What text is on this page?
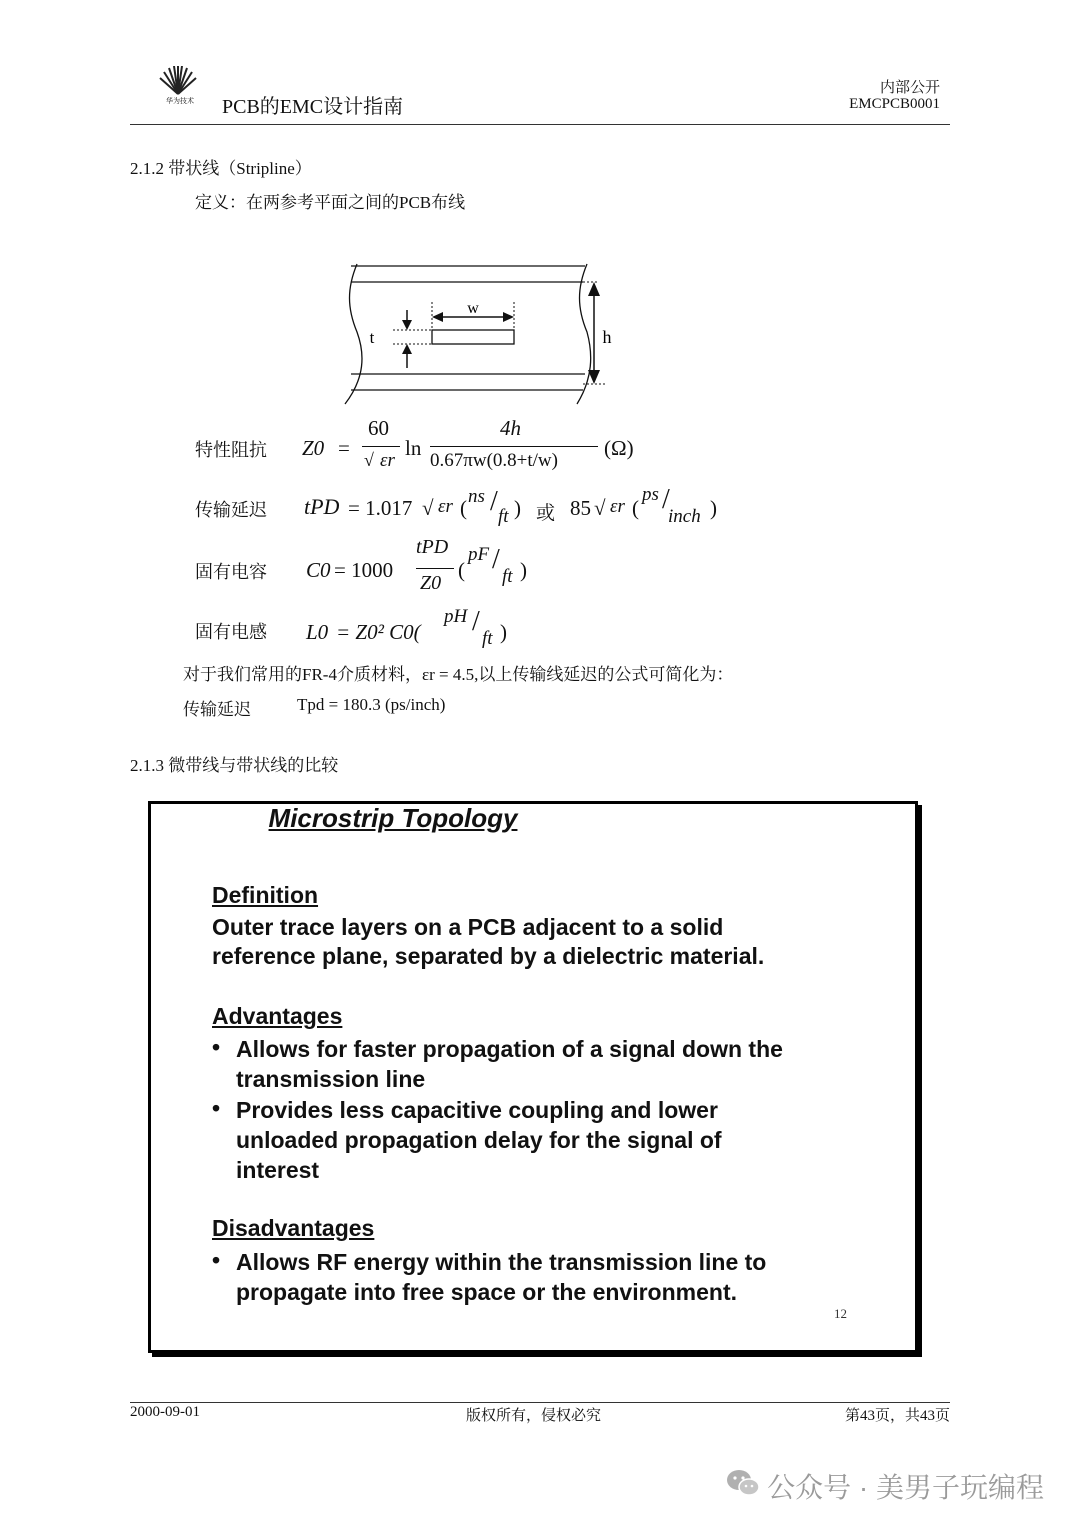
华为技术	PCB的EMC设计指南
内部公开
EMCPCB0001
2.1.2 带状线（Stripline）
定义：在两参考平面之间的PCB布线
w
t	h
特性阻抗 Z0 =
60
√ εr
ln
4h
0.67πw(0.8+t/w)
(Ω)
传输延迟 tPD = 1.017 √ εr ( ns / ft ) 或 85 √ εr (
ps /
inch )
固有电容 C0 = 1000
tPD
Z0
(
pF /
ft )
固有电感 L0 = Z0² C0(
pH /
ft )
对于我们常用的FR-4介质材料，εr = 4.5,以上传输线延迟的公式可简化为：
传输延迟	Tpd = 180.3 (ps/inch)
2.1.3 微带线与带状线的比较
Microstrip Topology
Definition
Outer trace layers on a PCB adjacent to a solid
reference plane, separated by a dielectric material.
Advantages
• Allows for faster propagation of a signal down the
transmission line
• Provides less capacitive coupling and lower
unloaded propagation delay for the signal of
interest
Disadvantages
• Allows RF energy within the transmission line to
propagate into free space or the environment.
12
2000-09-01	版权所有，侵权必究	第43页，共43页
公众号 · 美男子玩编程
